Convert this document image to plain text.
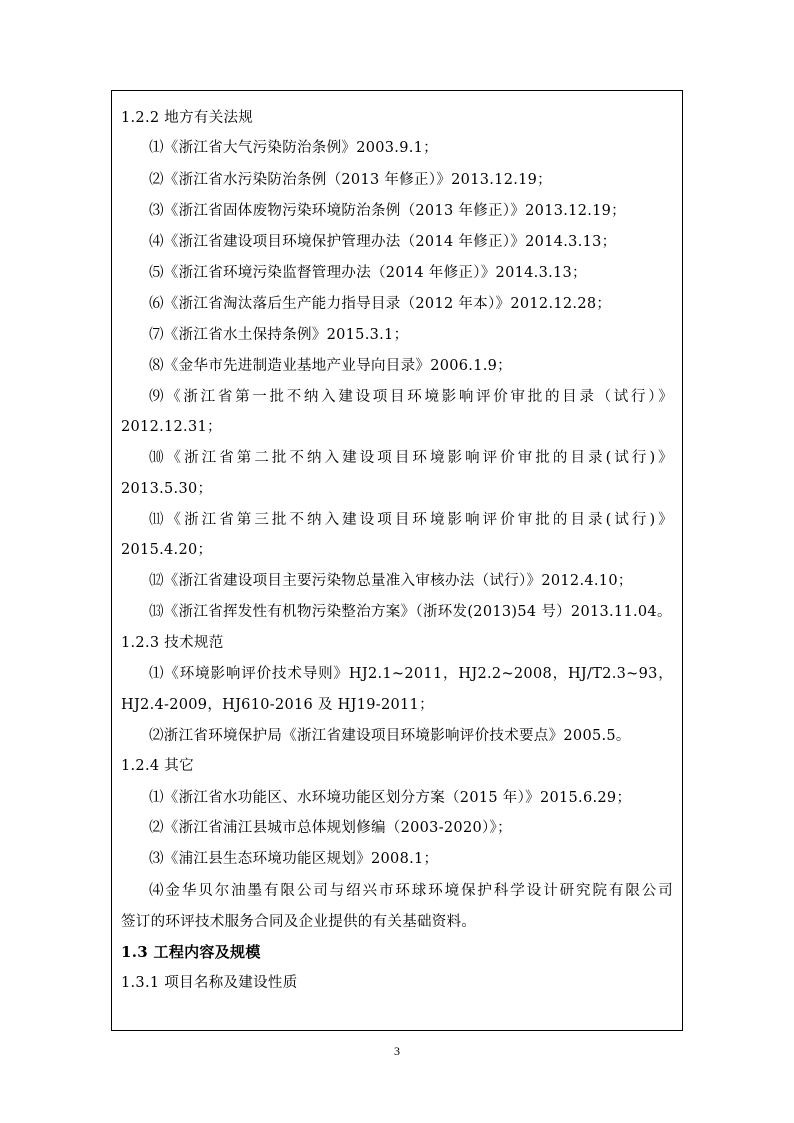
1.2.2 地方有关法规
⑴《浙江省大气污染防治条例》2003.9.1；
⑵《浙江省水污染防治条例（2013 年修正）》2013.12.19；
⑶《浙江省固体废物污染环境防治条例（2013 年修正）》2013.12.19；
⑷《浙江省建设项目环境保护管理办法（2014 年修正）》2014.3.13；
⑸《浙江省环境污染监督管理办法（2014 年修正）》2014.3.13；
⑹《浙江省淘汰落后生产能力指导目录（2012 年本）》2012.12.28；
⑺《浙江省水土保持条例》2015.3.1；
⑻《金华市先进制造业基地产业导向目录》2006.1.9；
⑼《浙江省第一批不纳入建设项目环境影响评价审批的目录（试行）》
2012.12.31；
⑽《浙江省第二批不纳入建设项目环境影响评价审批的目录(试行)》
2013.5.30；
⑾《浙江省第三批不纳入建设项目环境影响评价审批的目录(试行)》
2015.4.20；
⑿《浙江省建设项目主要污染物总量准入审核办法（试行）》2012.4.10；
⒀《浙江省挥发性有机物污染整治方案》（浙环发(2013)54 号）2013.11.04。
1.2.3 技术规范
⑴《环境影响评价技术导则》HJ2.1~2011，HJ2.2~2008，HJ/T2.3~93，
HJ2.4-2009，HJ610-2016 及 HJ19-2011；
⑵浙江省环境保护局《浙江省建设项目环境影响评价技术要点》2005.5。
1.2.4 其它
⑴《浙江省水功能区、水环境功能区划分方案（2015 年）》2015.6.29；
⑵《浙江省浦江县城市总体规划修编（2003-2020）》；
⑶《浦江县生态环境功能区规划》2008.1；
⑷金华贝尔油墨有限公司与绍兴市环球环境保护科学设计研究院有限公司
签订的环评技术服务合同及企业提供的有关基础资料。
1.3 工程内容及规模
1.3.1 项目名称及建设性质
3
